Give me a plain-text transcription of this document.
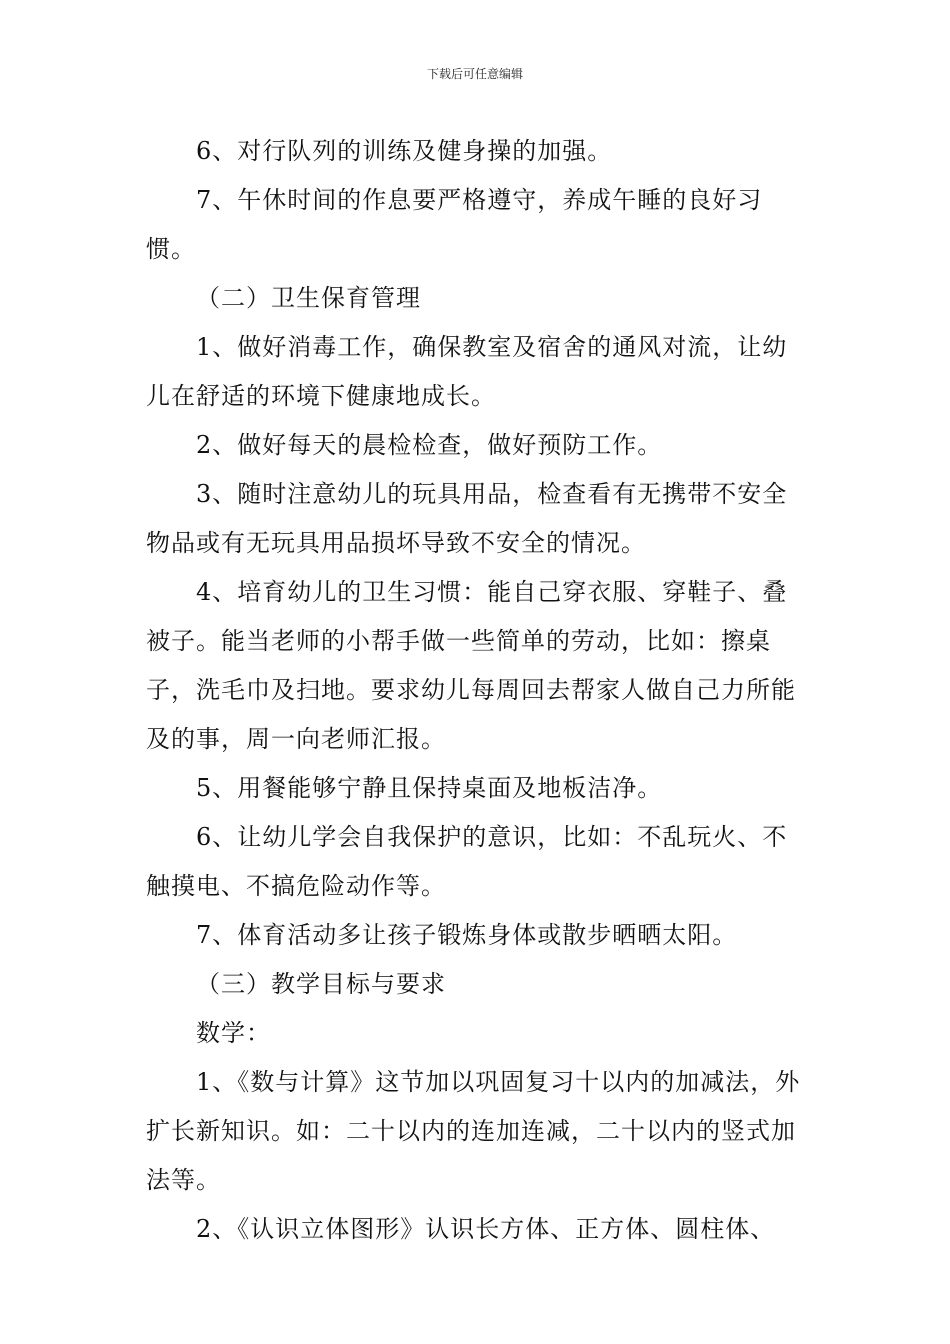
下载后可任意编辑

6、对行队列的训练及健身操的加强。

7、午休时间的作息要严格遵守，养成午睡的良好习惯。

（二）卫生保育管理

1、做好消毒工作，确保教室及宿舍的通风对流，让幼儿在舒适的环境下健康地成长。

2、做好每天的晨检检查，做好预防工作。

3、随时注意幼儿的玩具用品，检查看有无携带不安全物品或有无玩具用品损坏导致不安全的情况。

4、培育幼儿的卫生习惯：能自己穿衣服、穿鞋子、叠被子。能当老师的小帮手做一些简单的劳动，比如：擦桌子，洗毛巾及扫地。要求幼儿每周回去帮家人做自己力所能及的事，周一向老师汇报。

5、用餐能够宁静且保持桌面及地板洁净。

6、让幼儿学会自我保护的意识，比如：不乱玩火、不触摸电、不搞危险动作等。

7、体育活动多让孩子锻炼身体或散步晒晒太阳。

（三）教学目标与要求

数学：

1、《数与计算》这节加以巩固复习十以内的加减法，外扩长新知识。如：二十以内的连加连减，二十以内的竖式加法等。

2、《认识立体图形》认识长方体、正方体、圆柱体、
